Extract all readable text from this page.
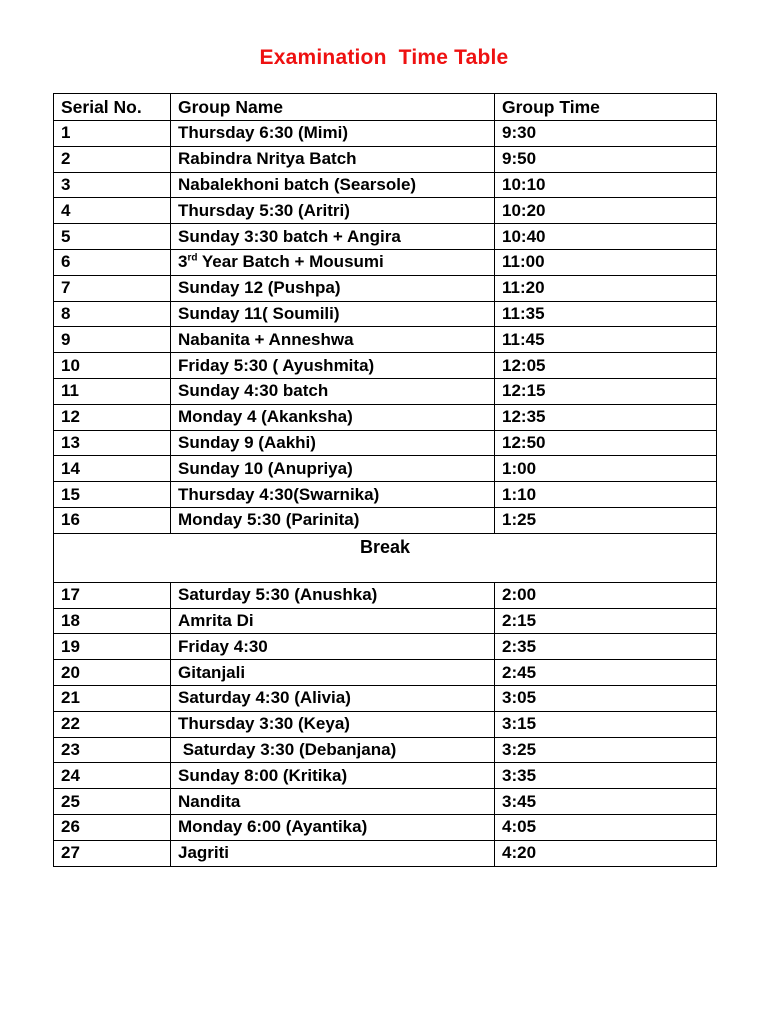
Examination  Time Table
Serial No.	Group Name	Group Time
1	Thursday 6:30 (Mimi)	9:30
2	Rabindra Nritya Batch	9:50
3	Nabalekhoni batch (Searsole)	10:10
4	Thursday 5:30 (Aritri)	10:20
5	Sunday 3:30 batch + Angira	10:40
6	3rd Year Batch + Mousumi	11:00
7	Sunday 12 (Pushpa)	11:20
8	Sunday 11( Soumili)	11:35
9	Nabanita + Anneshwa	11:45
10	Friday 5:30 ( Ayushmita)	12:05
11	Sunday 4:30 batch	12:15
12	Monday 4 (Akanksha)	12:35
13	Sunday 9 (Aakhi)	12:50
14	Sunday 10 (Anupriya)	1:00
15	Thursday 4:30(Swarnika)	1:10
16	Monday 5:30 (Parinita)	1:25
Break		
17	Saturday 5:30 (Anushka)	2:00
18	Amrita Di	2:15
19	Friday 4:30	2:35
20	Gitanjali	2:45
21	Saturday 4:30 (Alivia)	3:05
22	Thursday 3:30 (Keya)	3:15
23	Saturday 3:30 (Debanjana)	3:25
24	Sunday 8:00 (Kritika)	3:35
25	Nandita	3:45
26	Monday 6:00 (Ayantika)	4:05
27	Jagriti	4:20
